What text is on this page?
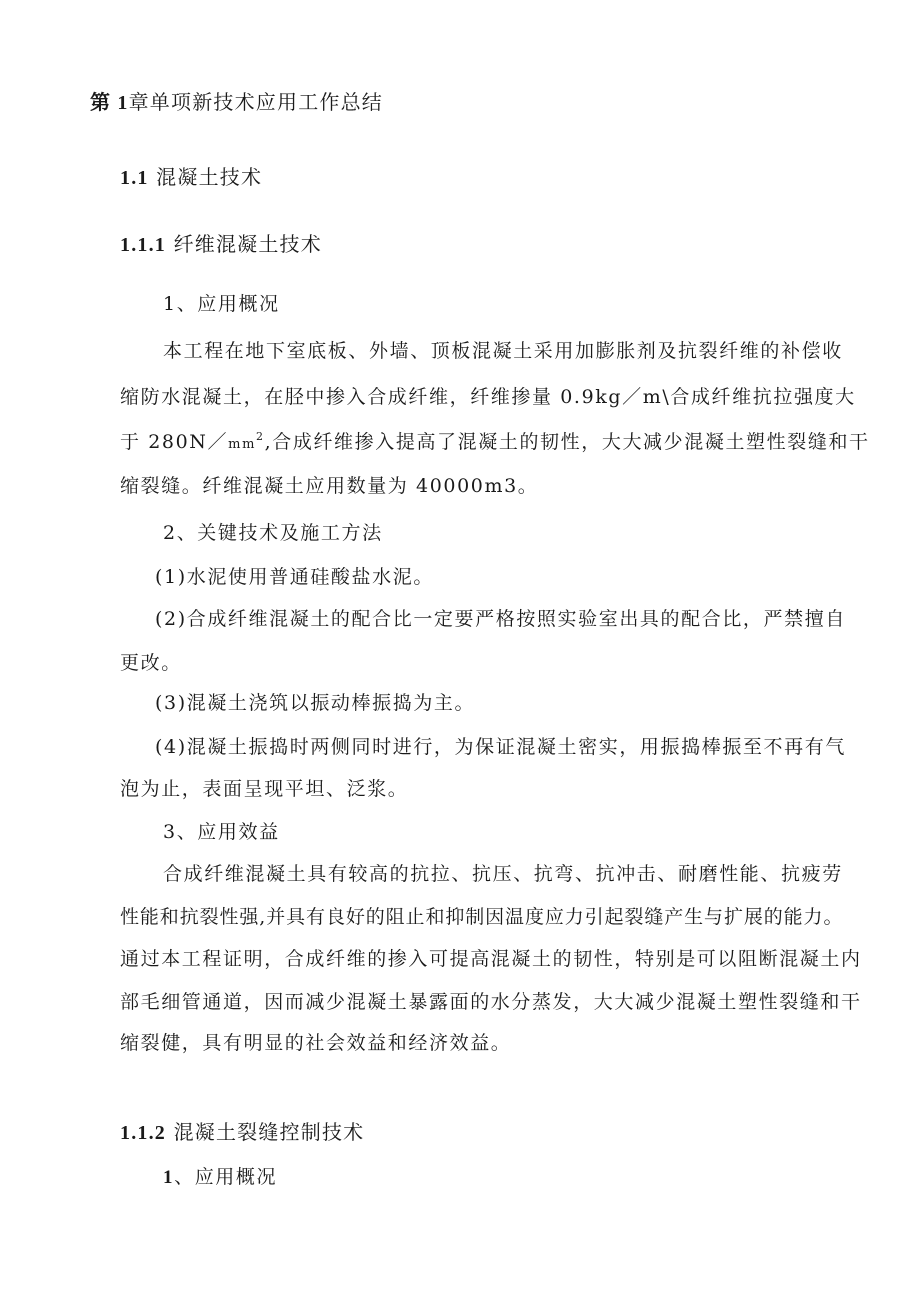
第 1章单项新技术应用工作总结
1.1 混凝土技术
1.1.1 纤维混凝土技术
1、应用概况
本工程在地下室底板、外墙、顶板混凝土采用加膨胀剂及抗裂纤维的补偿收
缩防水混凝土，在胫中掺入合成纤维，纤维掺量 0.9kg／m\合成纤维抗拉强度大
于 $280N/mm^2$,合成纤维掺入提高了混凝土的韧性，大大减少混凝土塑性裂缝和干
缩裂缝。纤维混凝土应用数量为 40000m3。
2、关键技术及施工方法
(1)水泥使用普通硅酸盐水泥。
(2)合成纤维混凝土的配合比一定要严格按照实验室出具的配合比，严禁擅自
更改。
(3)混凝土浇筑以振动棒振捣为主。
(4)混凝土振捣时两侧同时进行，为保证混凝土密实，用振捣棒振至不再有气
泡为止，表面呈现平坦、泛浆。
3、应用效益
合成纤维混凝土具有较高的抗拉、抗压、抗弯、抗冲击、耐磨性能、抗疲劳
性能和抗裂性强,并具有良好的阻止和抑制因温度应力引起裂缝产生与扩展的能力。
通过本工程证明，合成纤维的掺入可提高混凝土的韧性，特别是可以阻断混凝土内
部毛细管通道，因而减少混凝土暴露面的水分蒸发，大大减少混凝土塑性裂缝和干
缩裂健，具有明显的社会效益和经济效益。
1.1.2 混凝土裂缝控制技术
1、应用概况
